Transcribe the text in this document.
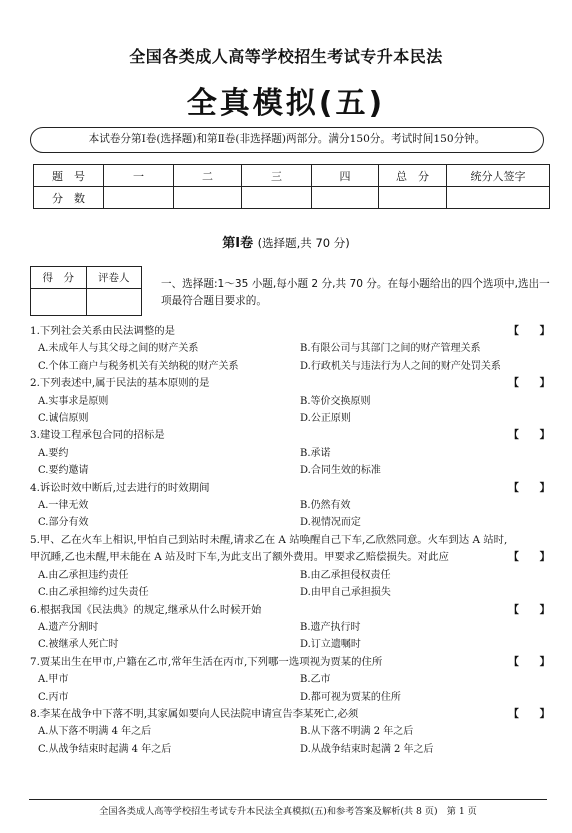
全国各类成人高等学校招生考试专升本民法
全真模拟(五)
本试卷分第Ⅰ卷(选择题)和第Ⅱ卷(非选择题)两部分。满分150分。考试时间150分钟。
题　号	一	二	三	四	总　分	统分人签字
分　数						
第Ⅰ卷 (选择题,共 70 分)
得　分	评卷人
		一、选择题:1～35 小题,每小题 2 分,共 70 分。在每小题给出的四个选项中,选出一项最符合题目要求的。
1.下列社会关系由民法调整的是	【　　】
A.未成年人与其父母之间的财产关系	B.有限公司与其部门之间的财产管理关系
C.个体工商户与税务机关有关纳税的财产关系	D.行政机关与违法行为人之间的财产处罚关系
2.下列表述中,属于民法的基本原则的是	【　　】
A.实事求是原则	B.等价交换原则
C.诚信原则	D.公正原则
3.建设工程承包合同的招标是	【　　】
A.要约	B.承诺
C.要约邀请	D.合同生效的标准
4.诉讼时效中断后,过去进行的时效期间	【　　】
A.一律无效	B.仍然有效
C.部分有效	D.视情况而定
5.甲、乙在火车上相识,甲怕自己到站时未醒,请求乙在 A 站唤醒自己下车,乙欣然同意。火车到达 A 站时,甲沉睡,乙也未醒,甲未能在 A 站及时下车,为此支出了额外费用。甲要求乙赔偿损失。对此应	【　　】
A.由乙承担违约责任	B.由乙承担侵权责任
C.由乙承担缔约过失责任	D.由甲自己承担损失
6.根据我国《民法典》的规定,继承从什么时候开始	【　　】
A.遗产分割时	B.遗产执行时
C.被继承人死亡时	D.订立遗嘱时
7.贾某出生在甲市,户籍在乙市,常年生活在丙市,下列哪一选项视为贾某的住所	【　　】
A.甲市	B.乙市
C.丙市	D.都可视为贾某的住所
8.李某在战争中下落不明,其家属如要向人民法院申请宣告李某死亡,必须	【　　】
A.从下落不明满 4 年之后	B.从下落不明满 2 年之后
C.从战争结束时起满 4 年之后	D.从战争结束时起满 2 年之后
全国各类成人高等学校招生考试专升本民法全真模拟(五)和参考答案及解析(共 8 页)　第 1 页
